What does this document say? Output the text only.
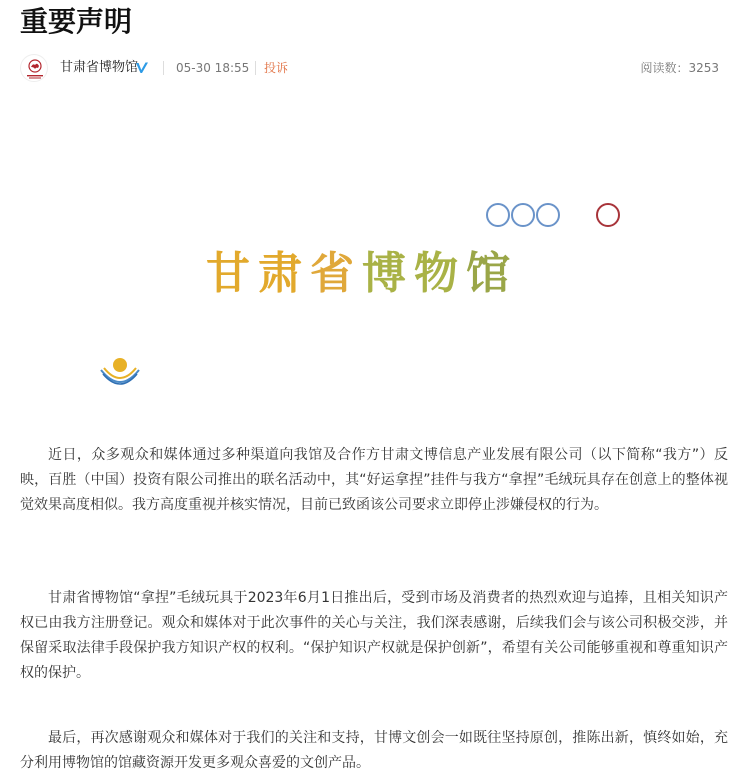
重要声明
甘肃省博物馆	05-30 18:55 投诉	阅读数：3253
甘肃省博物馆

近日，众多观众和媒体通过多种渠道向我馆及合作方甘肃文博信息产业发展有限公司（以下简称“我方”）反映，百胜（中国）投资有限公司推出的联名活动中，其“好运拿捏”挂件与我方“拿捏”毛绒玩具存在创意上的整体视觉效果高度相似。我方高度重视并核实情况，目前已致函该公司要求立即停止涉嫌侵权的行为。

甘肃省博物馆“拿捏”毛绒玩具于2023年6月1日推出后，受到市场及消费者的热烈欢迎与追捧，且相关知识产权已由我方注册登记。观众和媒体对于此次事件的关心与关注，我们深表感谢，后续我们会与该公司积极交涉，并保留采取法律手段保护我方知识产权的权利。“保护知识产权就是保护创新”，希望有关公司能够重视和尊重知识产权的保护。

最后，再次感谢观众和媒体对于我们的关注和支持，甘博文创会一如既往坚持原创，推陈出新，慎终如始，充分利用博物馆的馆藏资源开发更多观众喜爱的文创产品。
